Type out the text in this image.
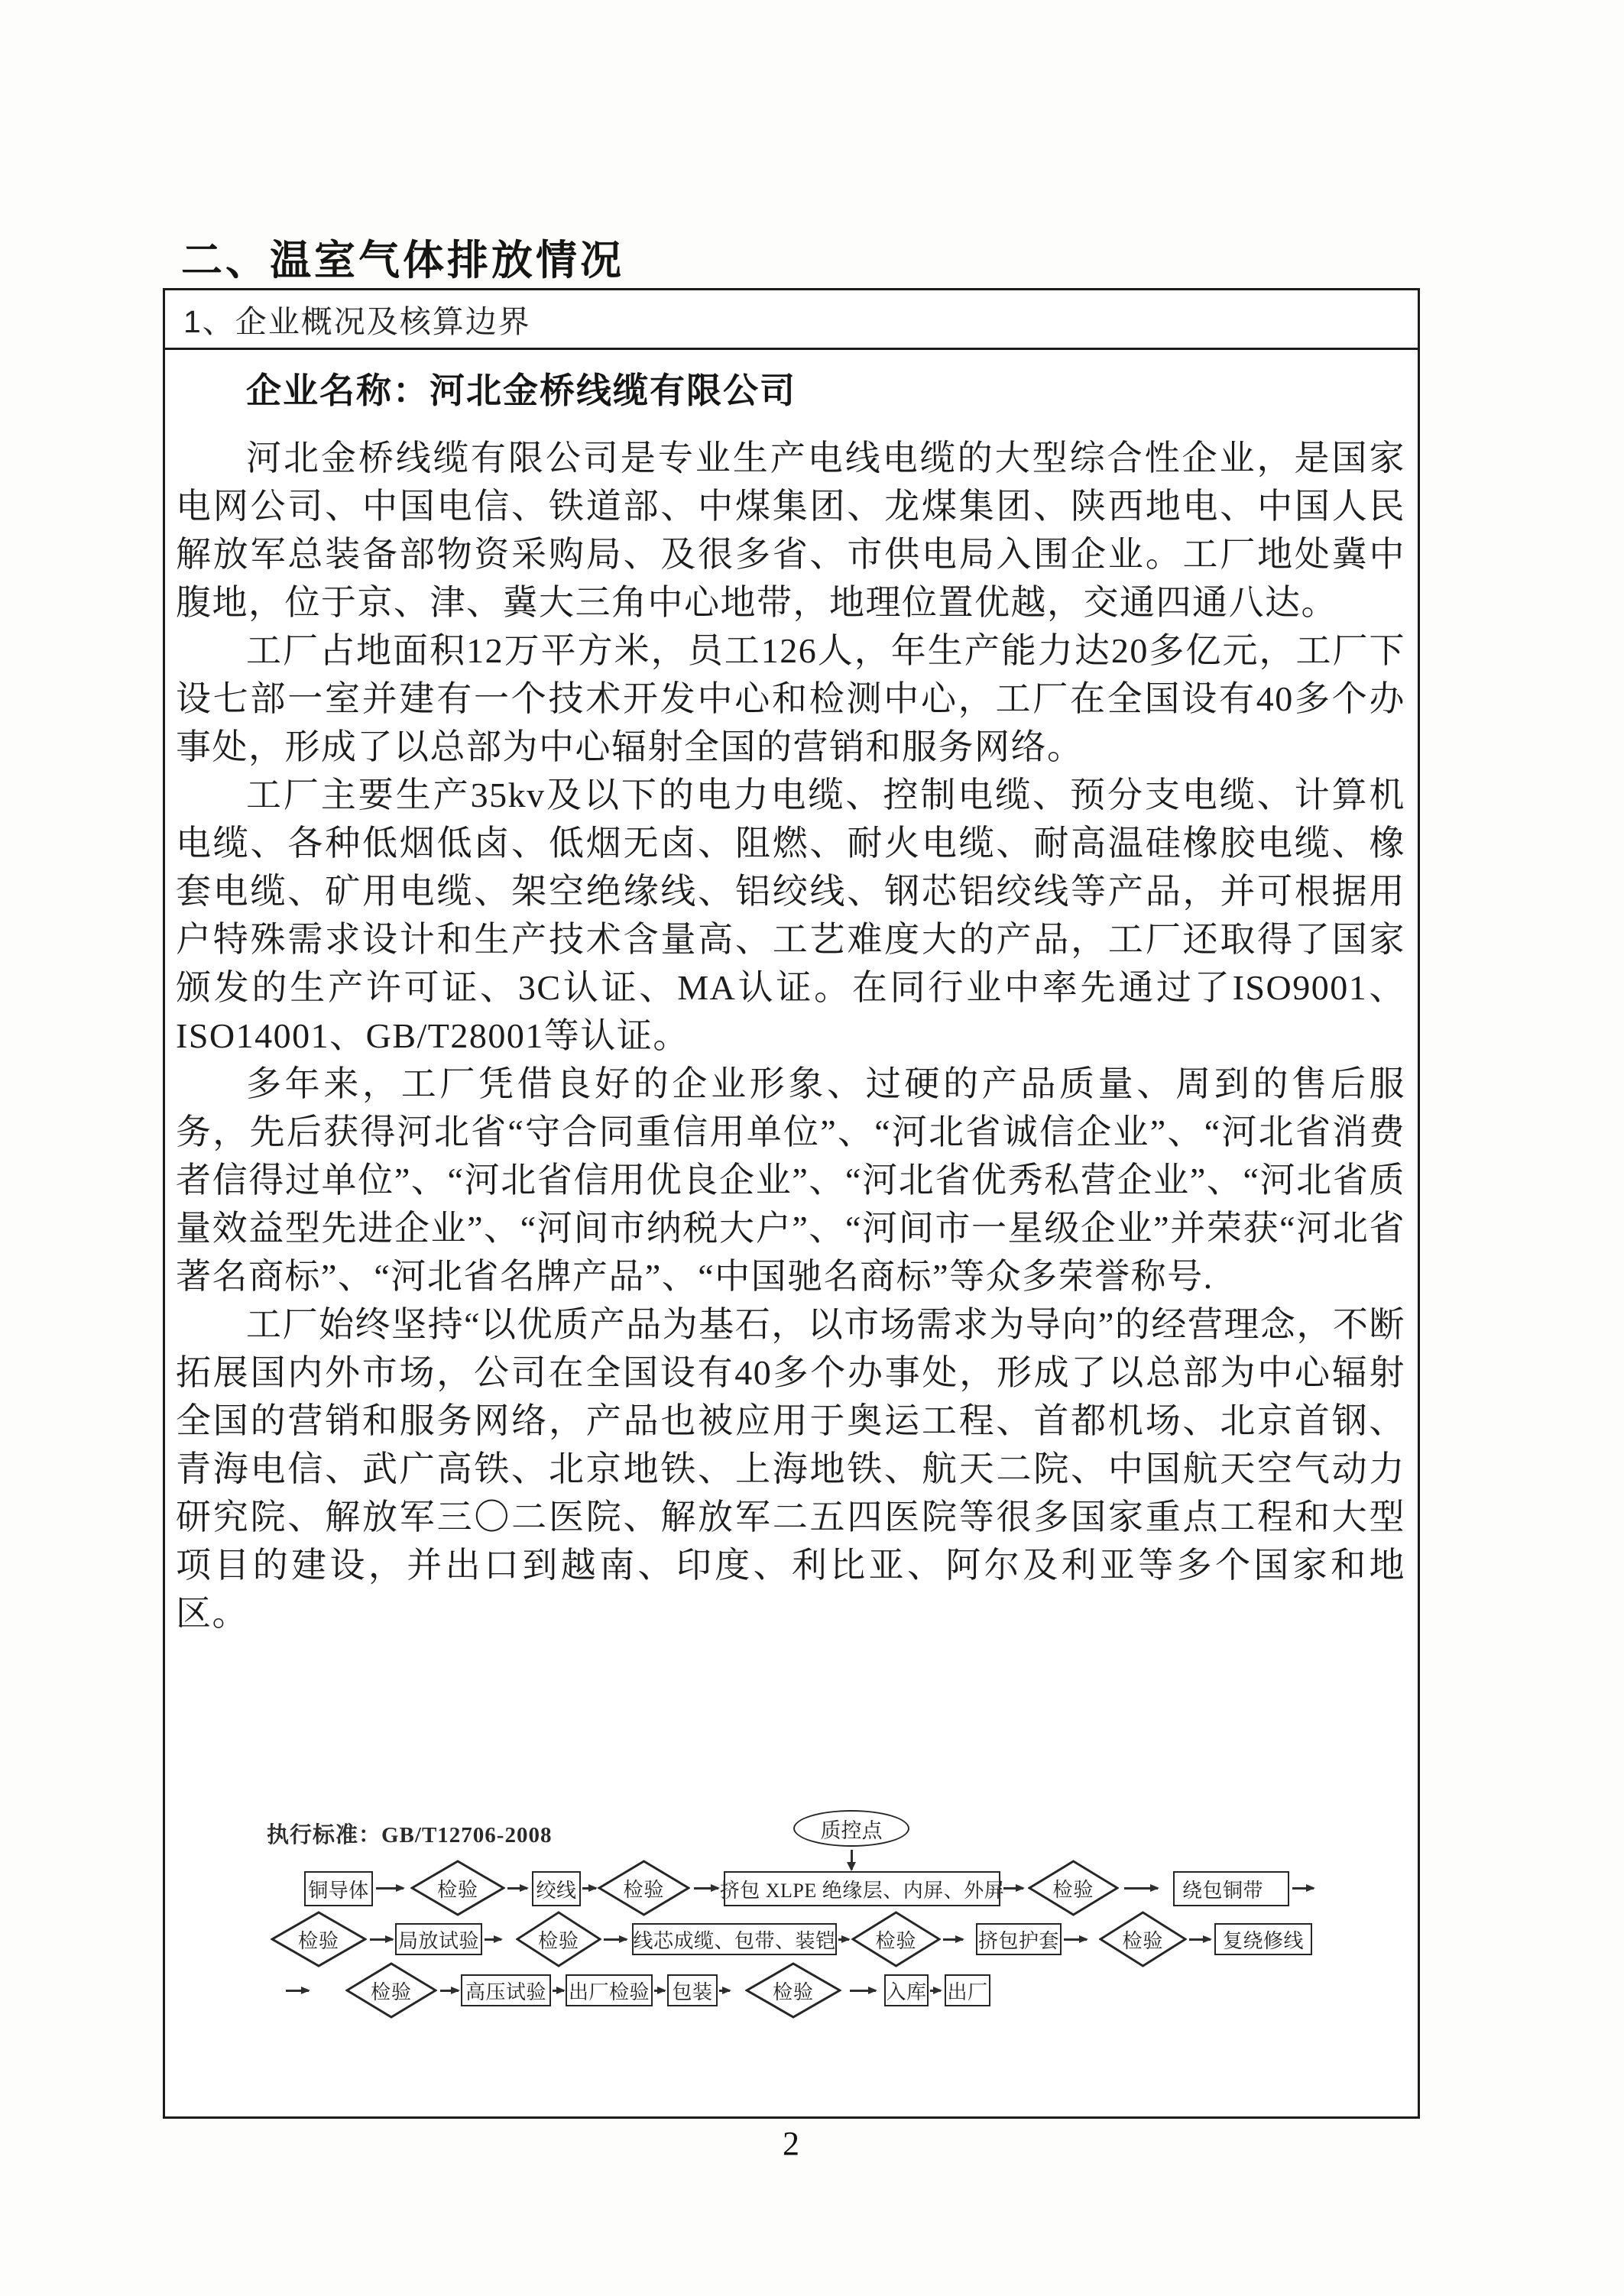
二、温室气体排放情况
1、企业概况及核算边界
企业名称：河北金桥线缆有限公司

河北金桥线缆有限公司是专业生产电线电缆的大型综合性企业，是国家电网公司、中国电信、铁道部、中煤集团、龙煤集团、陕西地电、中国人民解放军总装备部物资采购局、及很多省、市供电局入围企业。工厂地处冀中腹地，位于京、津、冀大三角中心地带，地理位置优越，交通四通八达。

工厂占地面积12万平方米，员工126人，年生产能力达20多亿元，工厂下设七部一室并建有一个技术开发中心和检测中心，工厂在全国设有40多个办事处，形成了以总部为中心辐射全国的营销和服务网络。

工厂主要生产35kv及以下的电力电缆、控制电缆、预分支电缆、计算机电缆、各种低烟低卤、低烟无卤、阻燃、耐火电缆、耐高温硅橡胶电缆、橡套电缆、矿用电缆、架空绝缘线、铝绞线、钢芯铝绞线等产品，并可根据用户特殊需求设计和生产技术含量高、工艺难度大的产品，工厂还取得了国家颁发的生产许可证、3C认证、MA认证。在同行业中率先通过了ISO9001、ISO14001、GB/T28001等认证。

多年来，工厂凭借良好的企业形象、过硬的产品质量、周到的售后服务，先后获得河北省“守合同重信用单位”、“河北省诚信企业”、“河北省消费者信得过单位”、“河北省信用优良企业”、“河北省优秀私营企业”、“河北省质量效益型先进企业”、“河间市纳税大户”、“河间市一星级企业”并荣获“河北省著名商标”、“河北省名牌产品”、“中国驰名商标”等众多荣誉称号.

工厂始终坚持“以优质产品为基石，以市场需求为导向”的经营理念，不断拓展国内外市场，公司在全国设有40多个办事处，形成了以总部为中心辐射全国的营销和服务网络，产品也被应用于奥运工程、首都机场、北京首钢、青海电信、武广高铁、北京地铁、上海地铁、航天二院、中国航天空气动力研究院、解放军三〇二医院、解放军二五四医院等很多国家重点工程和大型项目的建设，并出口到越南、印度、利比亚、阿尔及利亚等多个国家和地区。

执行标准：GB/T12706-2008	质控点
铜导体	检验	绞线	检验	挤包 XLPE 绝缘层、内屏、外屏	检验	绕包铜带
检验	局放试验	检验	线芯成缆、包带、装铠	检验	挤包护套	检验	复绕修线
检验	高压试验 出厂检验 包装	检验	入库 出厂
2
